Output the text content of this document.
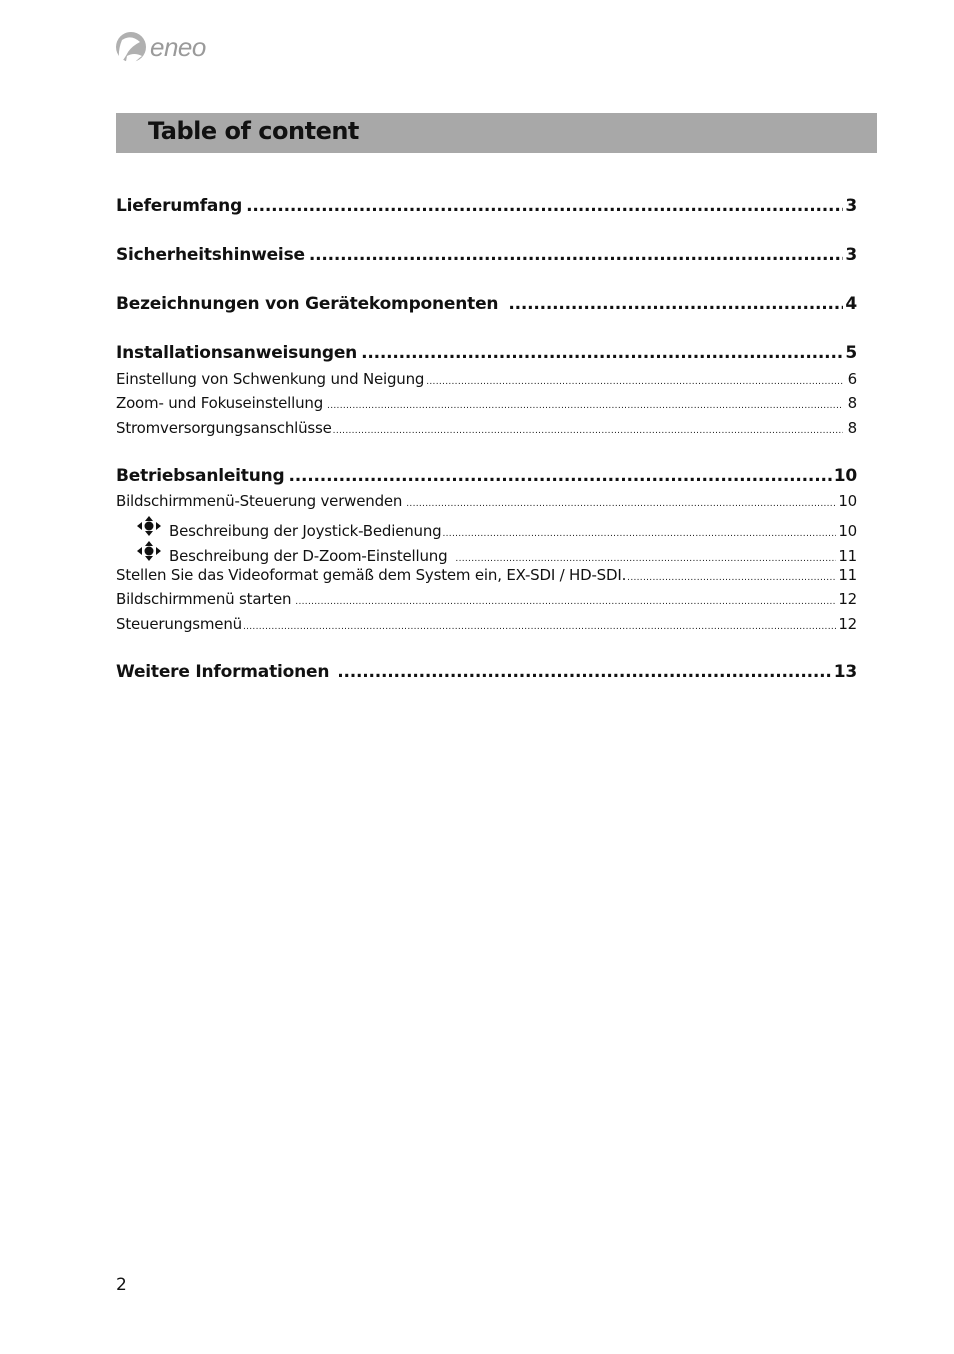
eneo
Table of content
Lieferumfang .....	3
Sicherheitshinweise .....	3
Bezeichnungen von Gerätekomponenten .....	4
Installationsanweisungen .....	5
Einstellung von Schwenkung und Neigung .....	6
Zoom- und Fokuseinstellung .....	8
Stromversorgungsanschlüsse .....	8
Betriebsanleitung .....	10
Bildschirmmenü-Steuerung verwenden .....	10
Beschreibung der Joystick-Bedienung .....	10
Beschreibung der D-Zoom-Einstellung .....	11
Stellen Sie das Videoformat gemäß dem System ein, EX-SDI / HD-SDI. .....	11
Bildschirmmenü starten .....	12
Steuerungsmenü .....	12
Weitere Informationen .....	13
2
